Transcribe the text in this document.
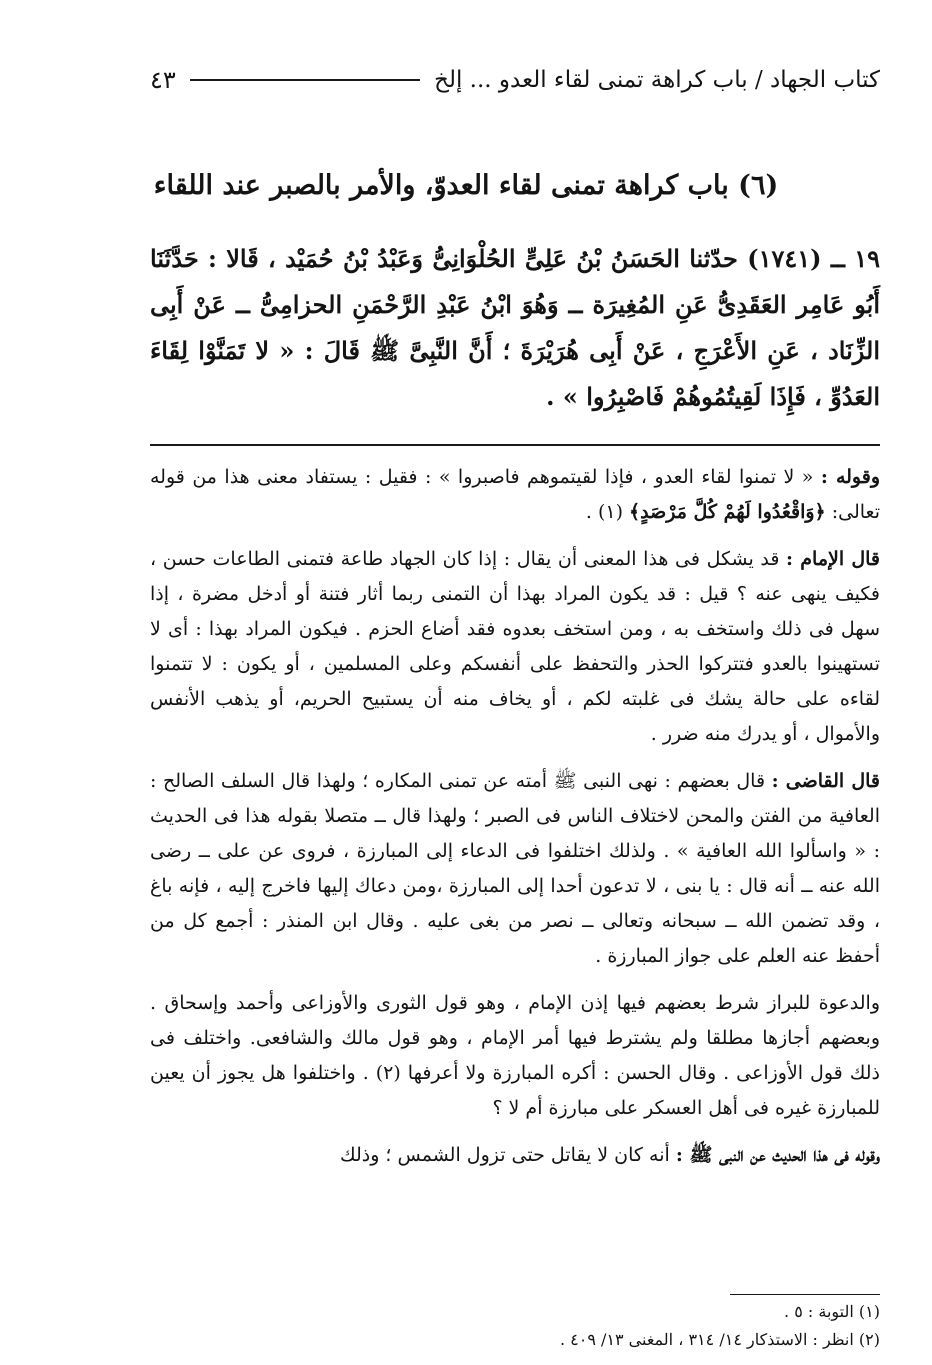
كتاب الجهاد / باب كراهة تمنى لقاء العدو ... إلخ
٤٣
(٦) باب كراهة تمنى لقاء العدوّ، والأمر بالصبر عند اللقاء
١٩ ــ (١٧٤١) حدّثنا الحَسَنُ بْنُ عَلِىٍّ الحُلْوَانِىُّ وَعَبْدُ بْنُ حُمَيْد ، قَالا : حَدَّثَنَا أَبُو عَامِر العَقَدِىُّ عَنِ المُغِيرَة ــ وَهُوَ ابْنُ عَبْدِ الرَّحْمَنِ الحزامِىُّ ــ عَنْ أَبِى الزِّنَاد ، عَنِ الأَعْرَجِ ، عَنْ أَبِى هُرَيْرَةَ ؛ أَنَّ النَّبِىَّ ﷺ قَالَ : « لا تَمَنَّوْا لِقَاءَ العَدُوِّ ، فَإِذَا لَقِيتُمُوهُمْ فَاصْبِرُوا » .

وقوله : « لا تمنوا لقاء العدو ، فإذا لقيتموهم فاصبروا » : فقيل : يستفاد معنى هذا من قوله تعالى: ﴿وَاقْعُدُوا لَهُمْ كُلَّ مَرْصَدٍ﴾ (١) .

قال الإمام : قد يشكل فى هذا المعنى أن يقال : إذا كان الجهاد طاعة فتمنى الطاعات حسن ، فكيف ينهى عنه ؟ قيل : قد يكون المراد بهذا أن التمنى ربما أثار فتنة أو أدخل مضرة ، إذا سهل فى ذلك واستخف به ، ومن استخف بعدوه فقد أضاع الحزم . فيكون المراد بهذا : أى لا تستهينوا بالعدو فتتركوا الحذر والتحفظ على أنفسكم وعلى المسلمين ، أو يكون : لا تتمنوا لقاءه على حالة يشك فى غلبته لكم ، أو يخاف منه أن يستبيح الحريم، أو يذهب الأنفس والأموال ، أو يدرك منه ضرر .

قال القاضى : قال بعضهم : نهى النبى ﷺ أمته عن تمنى المكاره ؛ ولهذا قال السلف الصالح : العافية من الفتن والمحن لاختلاف الناس فى الصبر ؛ ولهذا قال ــ متصلا بقوله هذا فى الحديث : « واسألوا الله العافية » . ولذلك اختلفوا فى الدعاء إلى المبارزة ، فروى عن على ــ رضى الله عنه ــ أنه قال : يا بنى ، لا تدعون أحدا إلى المبارزة ،ومن دعاك إليها فاخرج إليه ، فإنه باغ ، وقد تضمن الله ــ سبحانه وتعالى ــ نصر من بغى عليه . وقال ابن المنذر : أجمع كل من أحفظ عنه العلم على جواز المبارزة .

والدعوة للبراز شرط بعضهم فيها إذن الإمام ، وهو قول الثورى والأوزاعى وأحمد وإسحاق . وبعضهم أجازها مطلقا ولم يشترط فيها أمر الإمام ، وهو قول مالك والشافعى. واختلف فى ذلك قول الأوزاعى . وقال الحسن : أكره المبارزة ولا أعرفها (٢) . واختلفوا هل يجوز أن يعين للمبارزة غيره فى أهل العسكر على مبارزة أم لا ؟

وقوله فى هذا الحديث عن النبى ﷺ : أنه كان لا يقاتل حتى تزول الشمس ؛ وذلك

(١) التوبة : ٥ .
(٢) انظر : الاستذكار ١٤/ ٣١٤ ، المغنى ١٣/ ٤٠٩ .
